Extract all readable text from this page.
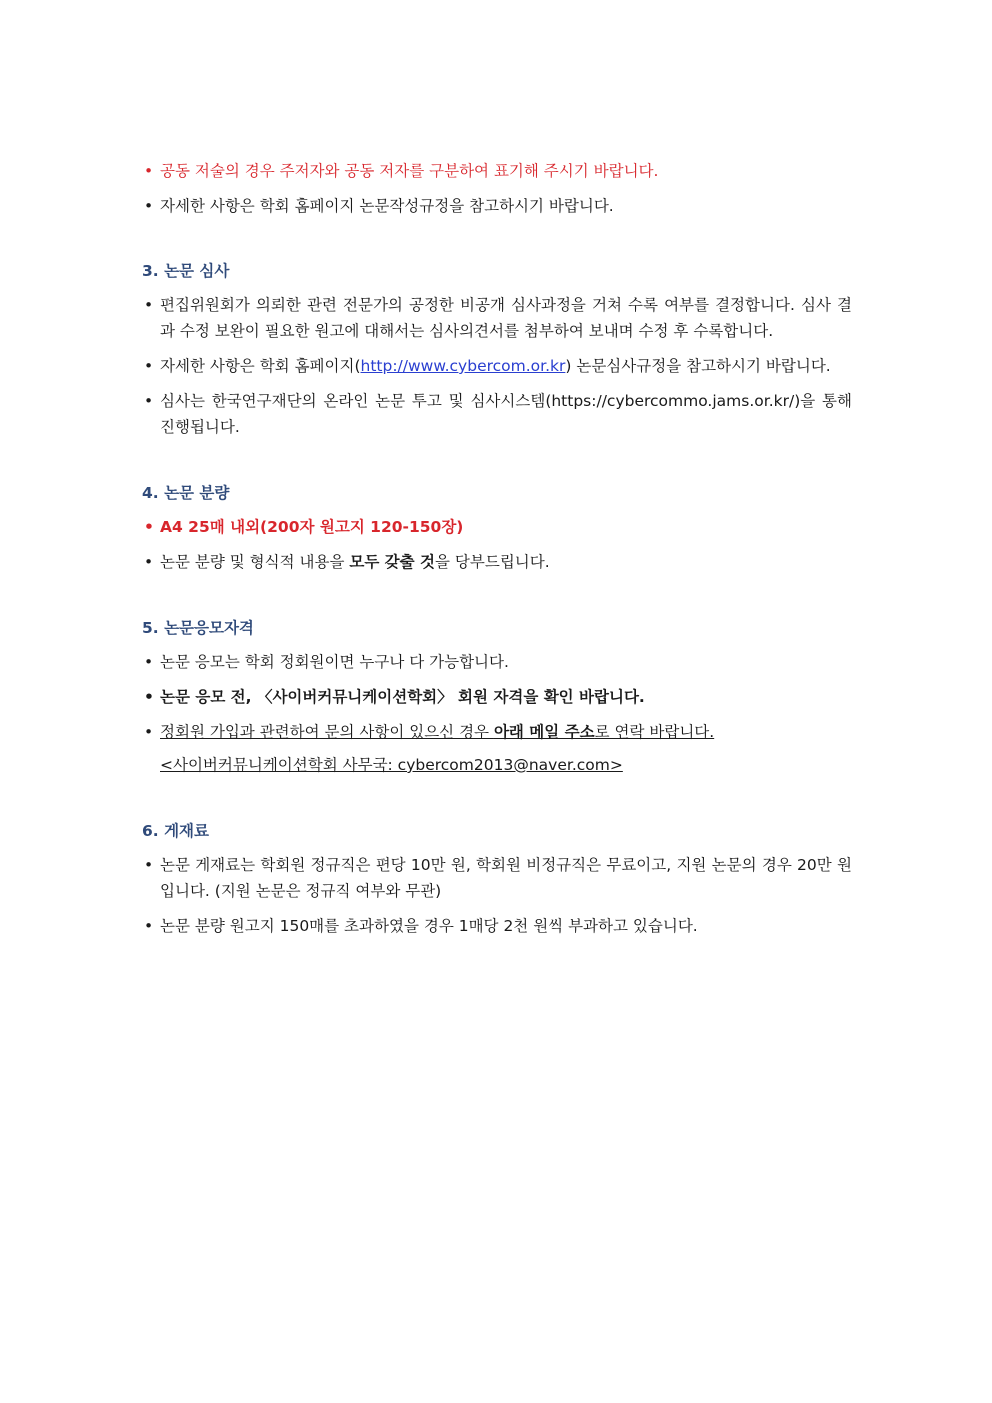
• 공동 저술의 경우 주저자와 공동 저자를 구분하여 표기해 주시기 바랍니다.
• 자세한 사항은 학회 홈페이지 논문작성규정을 참고하시기 바랍니다.
3. 논문 심사
• 편집위원회가 의뢰한 관련 전문가의 공정한 비공개 심사과정을 거쳐 수록 여부를 결정합니다. 심사 결과 수정 보완이 필요한 원고에 대해서는 심사의견서를 첨부하여 보내며 수정 후 수록합니다.
• 자세한 사항은 학회 홈페이지(http://www.cybercom.or.kr) 논문심사규정을 참고하시기 바랍니다.
• 심사는 한국연구재단의 온라인 논문 투고 및 심사시스템(https://cybercommo.jams.or.kr/)을 통해 진행됩니다.
4. 논문 분량
• A4 25매 내외(200자 원고지 120-150장)
• 논문 분량 및 형식적 내용을 모두 갖출 것을 당부드립니다.
5. 논문응모자격
• 논문 응모는 학회 정회원이면 누구나 다 가능합니다.
• 논문 응모 전, 〈사이버커뮤니케이션학회〉 회원 자격을 확인 바랍니다.
• 정회원 가입과 관련하여 문의 사항이 있으신 경우 아래 메일 주소로 연락 바랍니다.
<사이버커뮤니케이션학회 사무국: cybercom2013@naver.com>
6. 게재료
• 논문 게재료는 학회원 정규직은 편당 10만 원, 학회원 비정규직은 무료이고, 지원 논문의 경우 20만 원입니다. (지원 논문은 정규직 여부와 무관)
• 논문 분량 원고지 150매를 초과하였을 경우 1매당 2천 원씩 부과하고 있습니다.
